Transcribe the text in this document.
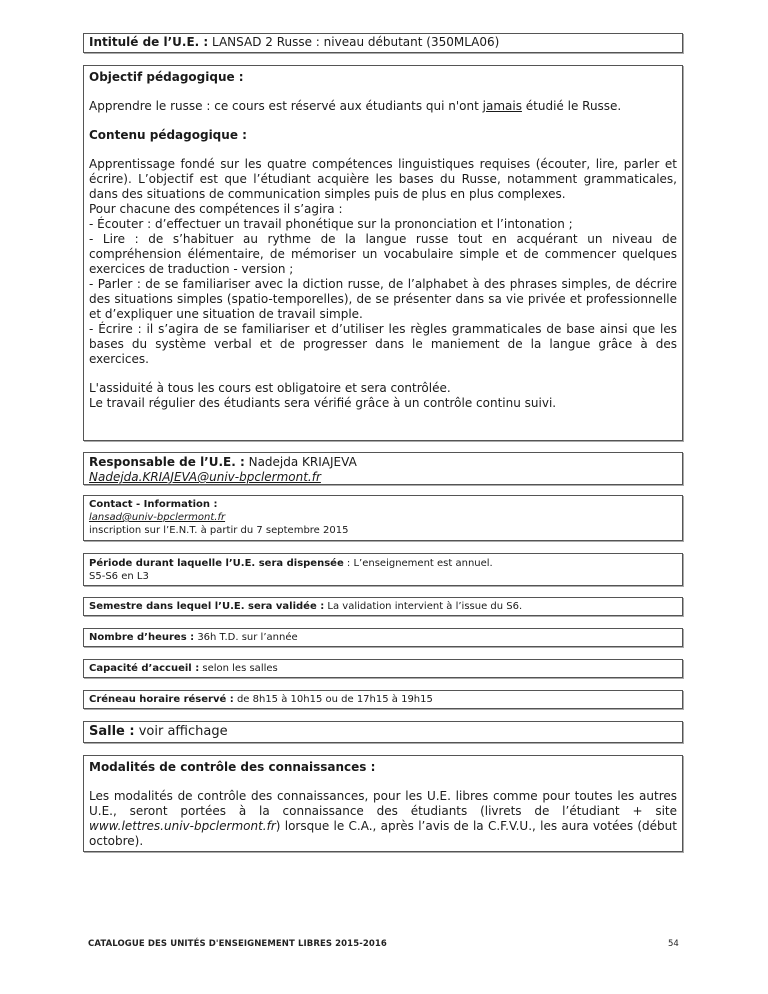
Intitulé de l’U.E. : LANSAD 2 Russe : niveau débutant (350MLA06)

Objectif pédagogique :

Apprendre le russe : ce cours est réservé aux étudiants qui n'ont jamais étudié le Russe.

Contenu pédagogique :

Apprentissage fondé sur les quatre compétences linguistiques requises (écouter, lire, parler et écrire). L’objectif est que l’étudiant acquière les bases du Russe, notamment grammaticales, dans des situations de communication simples puis de plus en plus complexes.

Pour chacune des compétences il s’agira :

- Écouter : d’effectuer un travail phonétique sur la prononciation et l’intonation ;

- Lire : de s’habituer au rythme de la langue russe tout en acquérant un niveau de compréhension élémentaire, de mémoriser un vocabulaire simple et de commencer quelques exercices de traduction - version ;

- Parler : de se familiariser avec la diction russe, de l’alphabet à des phrases simples, de décrire des situations simples (spatio-temporelles), de se présenter dans sa vie privée et professionnelle et d’expliquer une situation de travail simple.

- Écrire : il s’agira de se familiariser et d’utiliser les règles grammaticales de base ainsi que les bases du système verbal et de progresser dans le maniement de la langue grâce à des exercices.

L'assiduité à tous les cours est obligatoire et sera contrôlée.

Le travail régulier des étudiants sera vérifié grâce à un contrôle continu suivi.

Responsable de l’U.E. : Nadejda KRIAJEVA

Nadejda.KRIAJEVA@univ-bpclermont.fr

Contact - Information :

lansad@univ-bpclermont.fr

inscription sur l’E.N.T. à partir du 7 septembre 2015

Période durant laquelle l’U.E. sera dispensée : L’enseignement est annuel.

S5-S6 en L3

Semestre dans lequel l’U.E. sera validée : La validation intervient à l’issue du S6.
Nombre d’heures : 36h T.D. sur l’année
Capacité d’accueil : selon les salles
Créneau horaire réservé : de 8h15 à 10h15 ou de 17h15 à 19h15
Salle : voir affichage

Modalités de contrôle des connaissances :

Les modalités de contrôle des connaissances, pour les U.E. libres comme pour toutes les autres U.E., seront portées à la connaissance des étudiants (livrets de l’étudiant + site www.lettres.univ-bpclermont.fr) lorsque le C.A., après l’avis de la C.F.V.U., les aura votées (début octobre).

CATALOGUE DES UNITÉS D'ENSEIGNEMENT LIBRES 2015-2016	54
